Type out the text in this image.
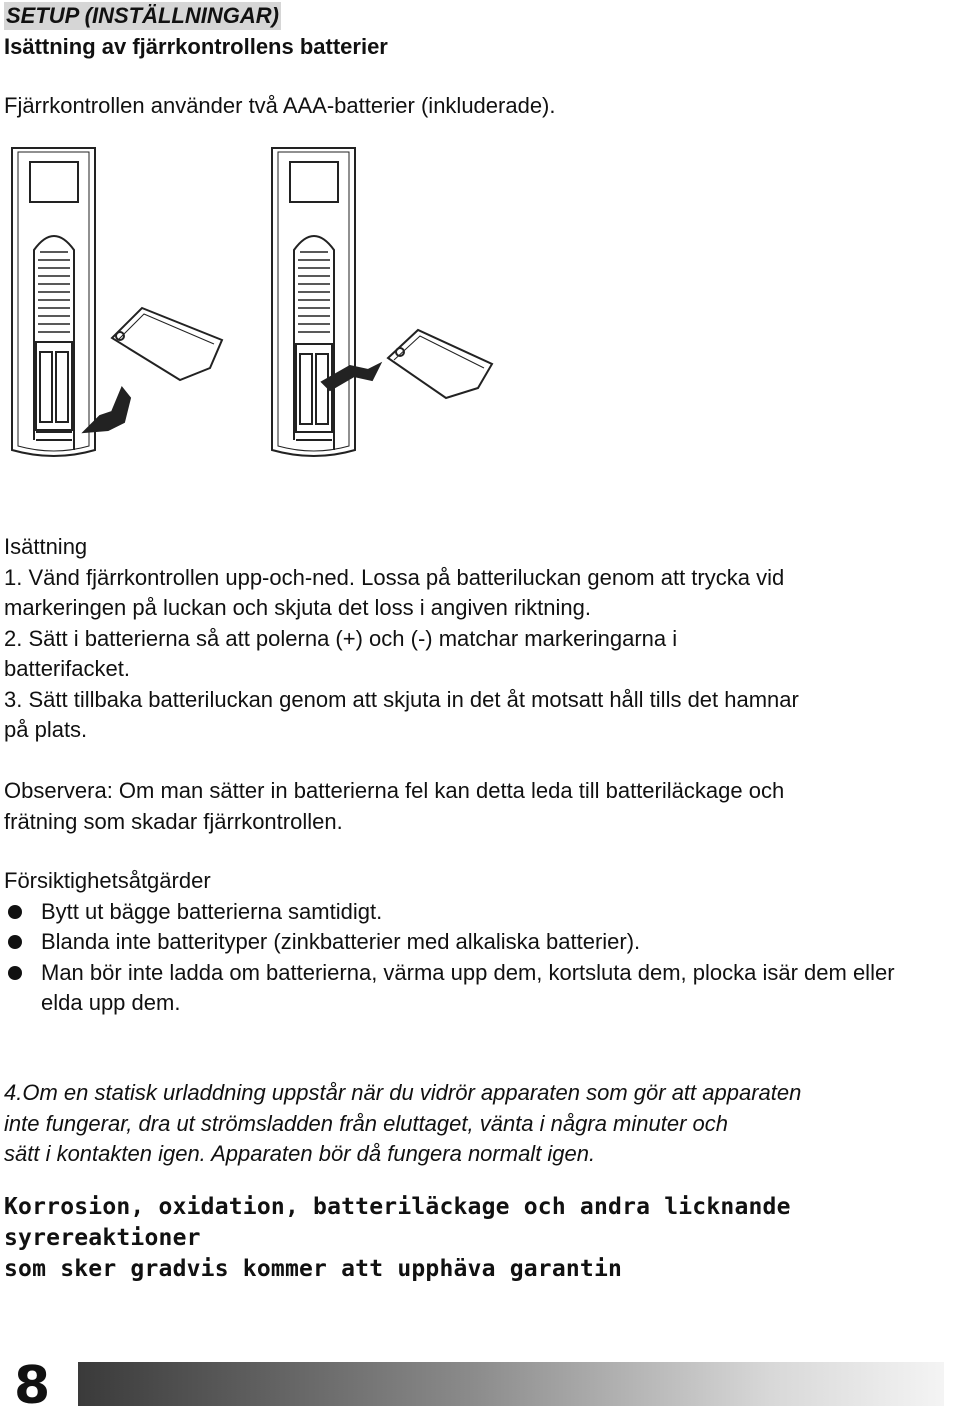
SETUP (INSTÄLLNINGAR)
Isättning av fjärrkontrollens batterier
Fjärrkontrollen använder två AAA-batterier (inkluderade).

Isättning

1. Vänd fjärrkontrollen upp-och-ned. Lossa på batteriluckan genom att trycka vid

markeringen på luckan och skjuta det loss i angiven riktning.

2. Sätt i batterierna så att polerna (+) och (-) matchar markeringarna i

batterifacket.

3. Sätt tillbaka batteriluckan genom att skjuta in det åt motsatt håll tills det hamnar

på plats.

Observera: Om man sätter in batterierna fel kan detta leda till batteriläckage och

frätning som skadar fjärrkontrollen.

Försiktighetsåtgärder

Bytt ut bägge batterierna samtidigt.
Blanda inte batterityper (zinkbatterier med alkaliska batterier).
Man bör inte ladda om batterierna, värma upp dem, kortsluta dem, plocka isär dem eller elda upp dem.

4.Om en statisk urladdning uppstår när du vidrör apparaten som gör att apparaten

inte fungerar, dra ut strömsladden från eluttaget, vänta i några minuter och

sätt i kontakten igen. Apparaten bör då fungera normalt igen.

Korrosion, oxidation, batteriläckage och andra licknande syrereaktioner

som sker gradvis kommer att upphäva garantin

8
